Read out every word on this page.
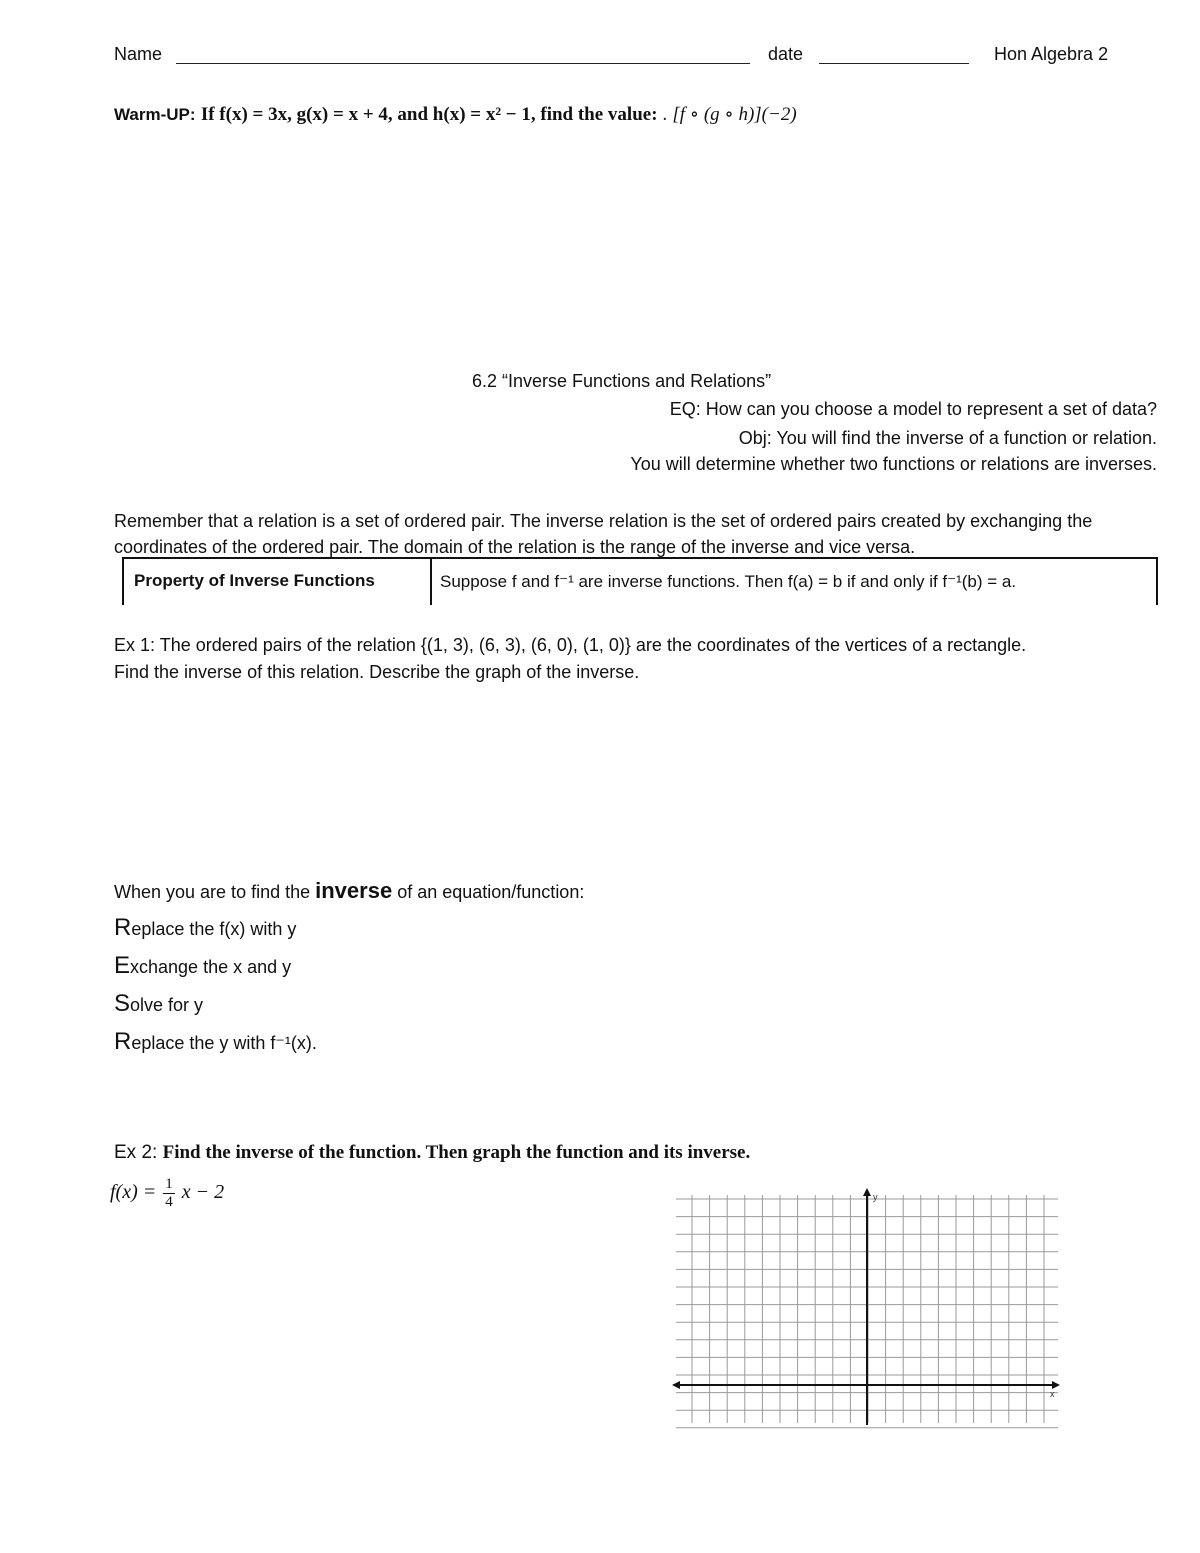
Name	date	Hon Algebra 2
Warm-UP: If f(x) = 3x, g(x) = x + 4, and h(x) = x² − 1, find the value: . [f ∘ (g ∘ h)](−2)
6.2 “Inverse Functions and Relations”
EQ: How can you choose a model to represent a set of data?
Obj: You will find the inverse of a function or relation.
You will determine whether two functions or relations are inverses.
Remember that a relation is a set of ordered pair. The inverse relation is the set of ordered pairs created by exchanging the coordinates of the ordered pair. The domain of the relation is the range of the inverse and vice versa.
Property of Inverse Functions	Suppose f and f⁻¹ are inverse functions. Then f(a) = b if and only if f⁻¹(b) = a.
Ex 1: The ordered pairs of the relation {(1, 3), (6, 3), (6, 0), (1, 0)} are the coordinates of the vertices of a rectangle.
Find the inverse of this relation. Describe the graph of the inverse.
When you are to find the inverse of an equation/function:
Replace the f(x) with y
Exchange the x and y
Solve for y
Replace the y with f⁻¹(x).
Ex 2: Find the inverse of the function. Then graph the function and its inverse.
$f(x) = \frac{1}{4}$ x − 2	y
x
